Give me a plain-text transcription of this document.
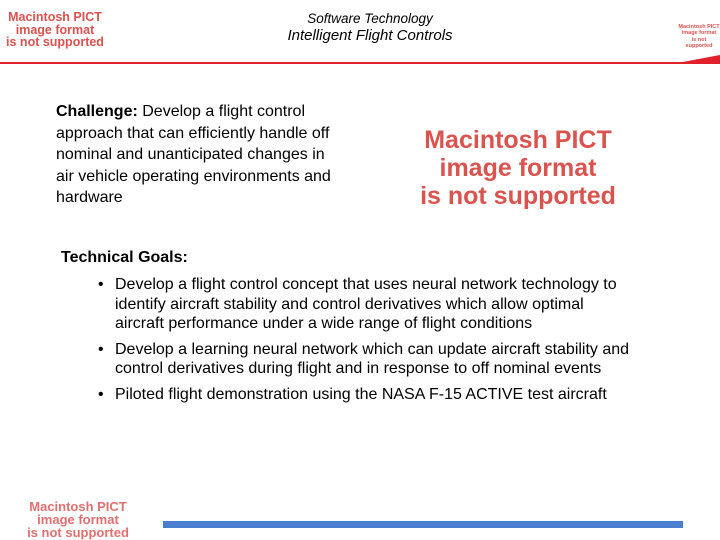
Macintosh PICT
image format
is not supported
Software Technology
Intelligent Flight Controls	Macintosh PICT
image format
is not supported
Challenge: Develop a flight control approach that can efficiently handle off nominal and unanticipated changes in air vehicle operating environments and hardware
Macintosh PICT
image format
is not supported
Technical Goals:
• Develop a flight control concept that uses neural network technology to identify aircraft stability and control derivatives which allow optimal aircraft performance under a wide range of flight conditions
• Develop a learning neural network which can update aircraft stability and control derivatives during flight and in response to off nominal events
• Piloted flight demonstration using the NASA F-15 ACTIVE test aircraft
Macintosh PICT
image format
is not supported
